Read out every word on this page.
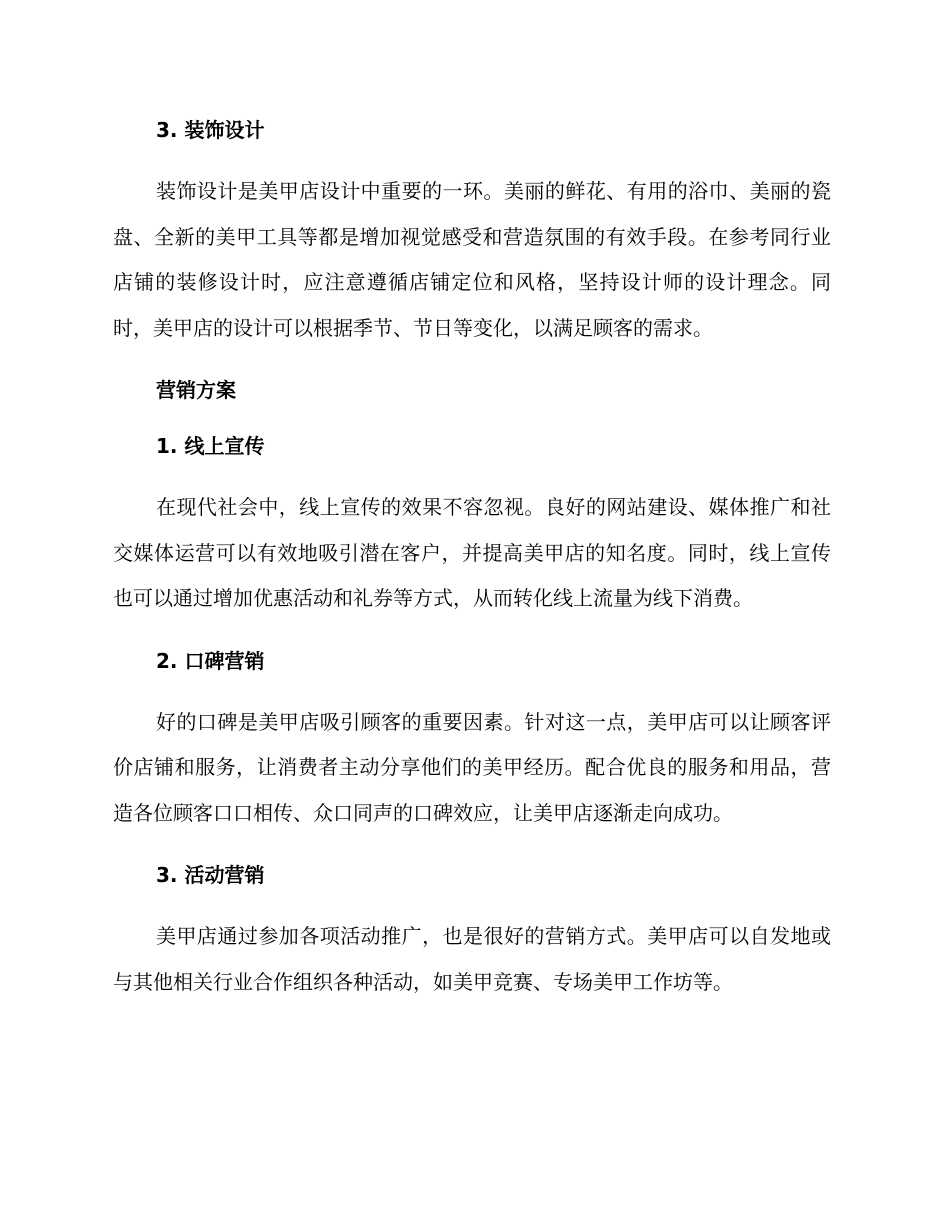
3. 装饰设计

装饰设计是美甲店设计中重要的一环。美丽的鲜花、有用的浴巾、美丽的瓷盘、全新的美甲工具等都是增加视觉感受和营造氛围的有效手段。在参考同行业店铺的装修设计时，应注意遵循店铺定位和风格，坚持设计师的设计理念。同时，美甲店的设计可以根据季节、节日等变化，以满足顾客的需求。

营销方案
1. 线上宣传

在现代社会中，线上宣传的效果不容忽视。良好的网站建设、媒体推广和社交媒体运营可以有效地吸引潜在客户，并提高美甲店的知名度。同时，线上宣传也可以通过增加优惠活动和礼券等方式，从而转化线上流量为线下消费。

2. 口碑营销

好的口碑是美甲店吸引顾客的重要因素。针对这一点，美甲店可以让顾客评价店铺和服务，让消费者主动分享他们的美甲经历。配合优良的服务和用品，营造各位顾客口口相传、众口同声的口碑效应，让美甲店逐渐走向成功。

3. 活动营销

美甲店通过参加各项活动推广，也是很好的营销方式。美甲店可以自发地或与其他相关行业合作组织各种活动，如美甲竞赛、专场美甲工作坊等。
